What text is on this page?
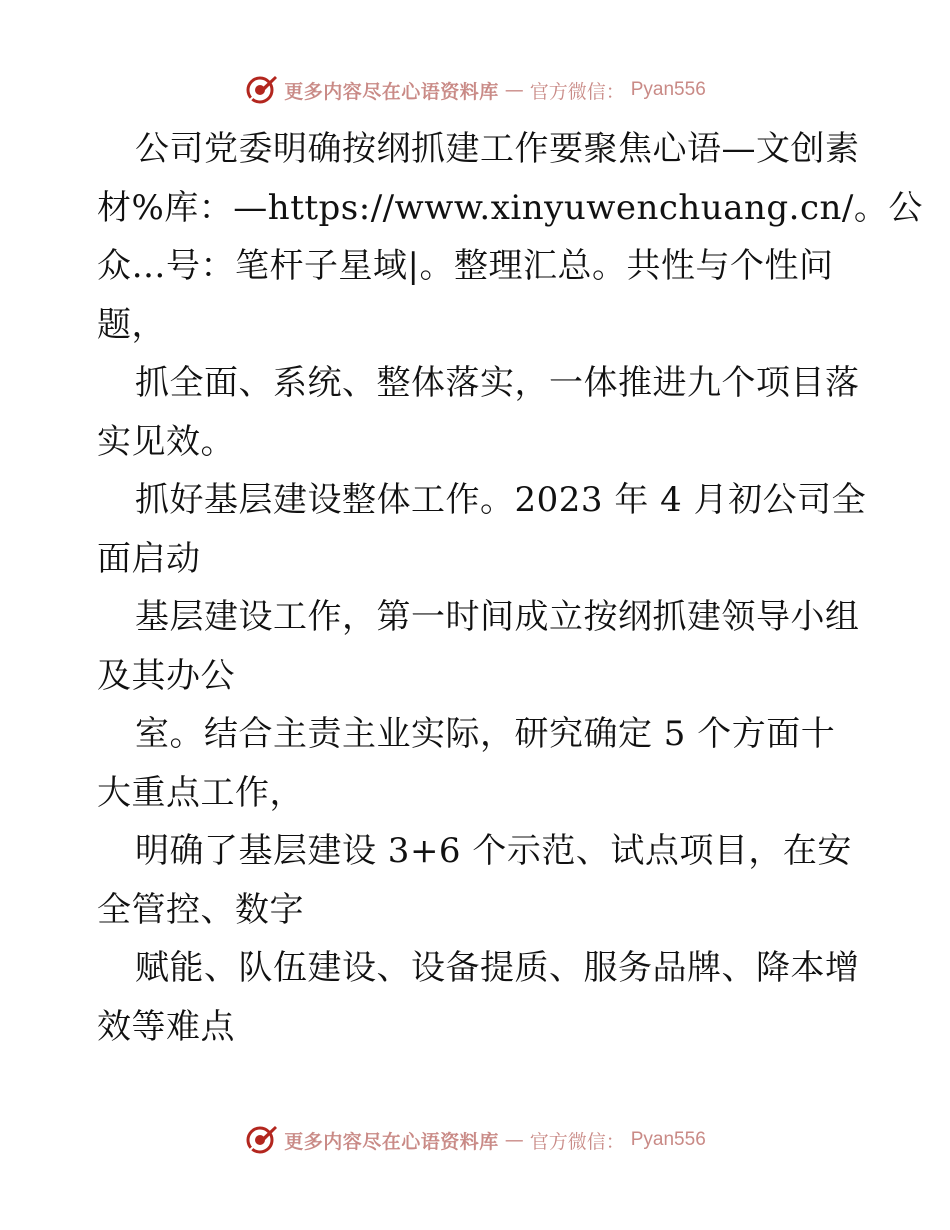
更多内容尽在心语资料库 — 官方微信： Pyan556
公司党委明确按纲抓建工作要聚焦心语—文创素
材%库：—https://www.xinyuwenchuang.cn/。公
众…号：笔杆子星域|。整理汇总。共性与个性问
题，
抓全面、系统、整体落实，一体推进九个项目落
实见效。
抓好基层建设整体工作。2023 年 4 月初公司全
面启动
基层建设工作，第一时间成立按纲抓建领导小组
及其办公
室。结合主责主业实际，研究确定 5 个方面十
大重点工作，
明确了基层建设 3+6 个示范、试点项目，在安
全管控、数字
赋能、队伍建设、设备提质、服务品牌、降本增
效等难点
更多内容尽在心语资料库 — 官方微信： Pyan556
